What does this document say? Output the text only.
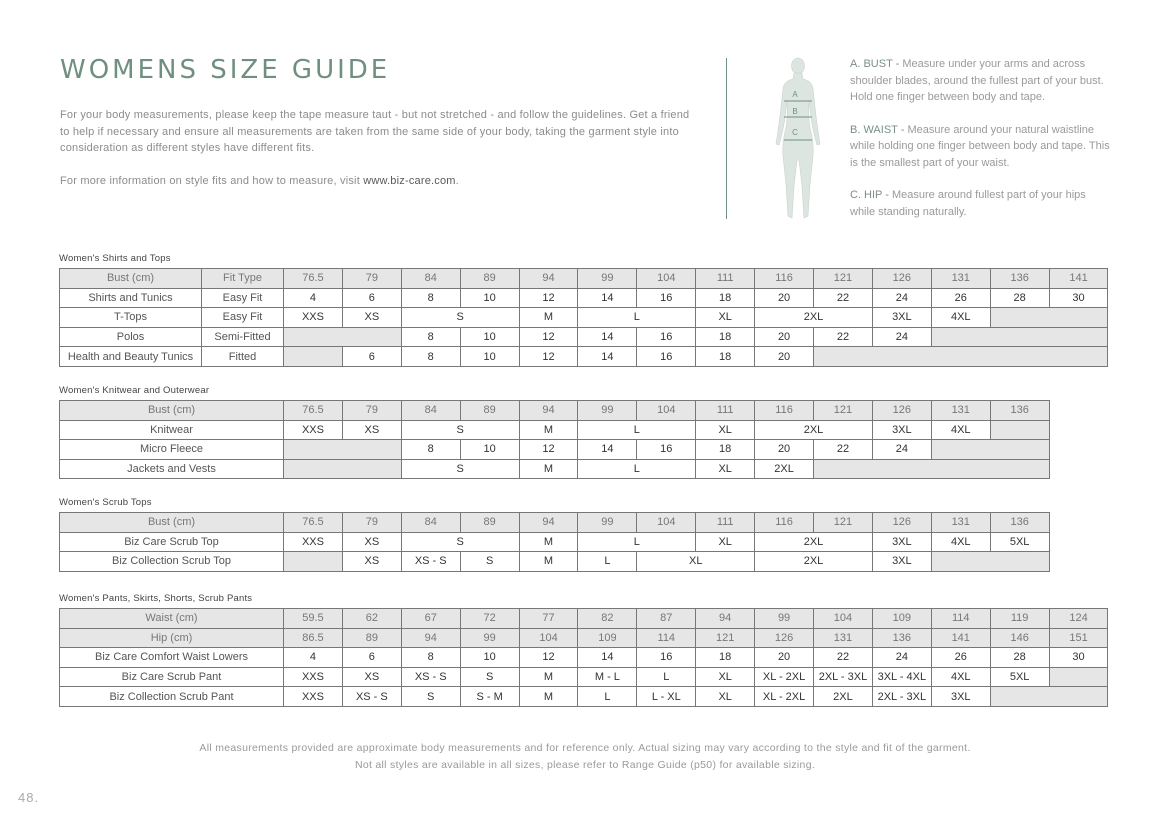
WOMENS SIZE GUIDE

For your body measurements, please keep the tape measure taut - but not stretched - and follow the guidelines. Get a friend to help if necessary and ensure all measurements are taken from the same side of your body, taking the garment style into consideration as different styles have different fits.

For more information on style fits and how to measure, visit www.biz-care.com.

A
B
C

A. BUST - Measure under your arms and across shoulder blades, around the fullest part of your bust. Hold one finger between body and tape.

B. WAIST - Measure around your natural waistline while holding one finger between body and tape. This is the smallest part of your waist.

C. HIP - Measure around fullest part of your hips while standing naturally.

Women's Shirts and Tops
Bust (cm)	Fit Type	76.5	79	84	89	94	99	104	111	116	121	126	131	136	141
Shirts and Tunics	Easy Fit	4	6	8	10	12	14	16	18	20	22	24	26	28	30
T-Tops	Easy Fit	XXS	XS	S		M	L		XL	2XL		3XL	4XL		
Polos	Semi-Fitted			8	10	12	14	16	18	20	22	24			
Health and Beauty Tunics	Fitted		6	8	10	12	14	16	18	20					
Women's Knitwear and Outerwear
Bust (cm)	76.5	79	84	89	94	99	104	111	116	121	126	131	136
Knitwear	XXS	XS	S		M	L		XL	2XL		3XL	4XL	
Micro Fleece			8	10	12	14	16	18	20	22	24		
Jackets and Vests			S		M	L		XL	2XL				
Women's Scrub Tops
Bust (cm)	76.5	79	84	89	94	99	104	111	116	121	126	131	136
Biz Care Scrub Top	XXS	XS	S		M	L		XL	2XL		3XL	4XL	5XL
Biz Collection Scrub Top		XS	XS - S	S	M	L	XL		2XL		3XL		
Women's Pants, Skirts, Shorts, Scrub Pants
Waist (cm)	59.5	62	67	72	77	82	87	94	99	104	109	114	119	124
Hip (cm)	86.5	89	94	99	104	109	114	121	126	131	136	141	146	151
Biz Care Comfort Waist Lowers	4	6	8	10	12	14	16	18	20	22	24	26	28	30
Biz Care Scrub Pant	XXS	XS	XS - S	S	M	M - L	L	XL	XL - 2XL	2XL - 3XL	3XL - 4XL	4XL	5XL	
Biz Collection Scrub Pant	XXS	XS - S	S	S - M	M	L	L - XL	XL	XL - 2XL	2XL	2XL - 3XL	3XL		
All measurements provided are approximate body measurements and for reference only. Actual sizing may vary according to the style and fit of the garment.
Not all styles are available in all sizes, please refer to Range Guide (p50) for available sizing.
48.
